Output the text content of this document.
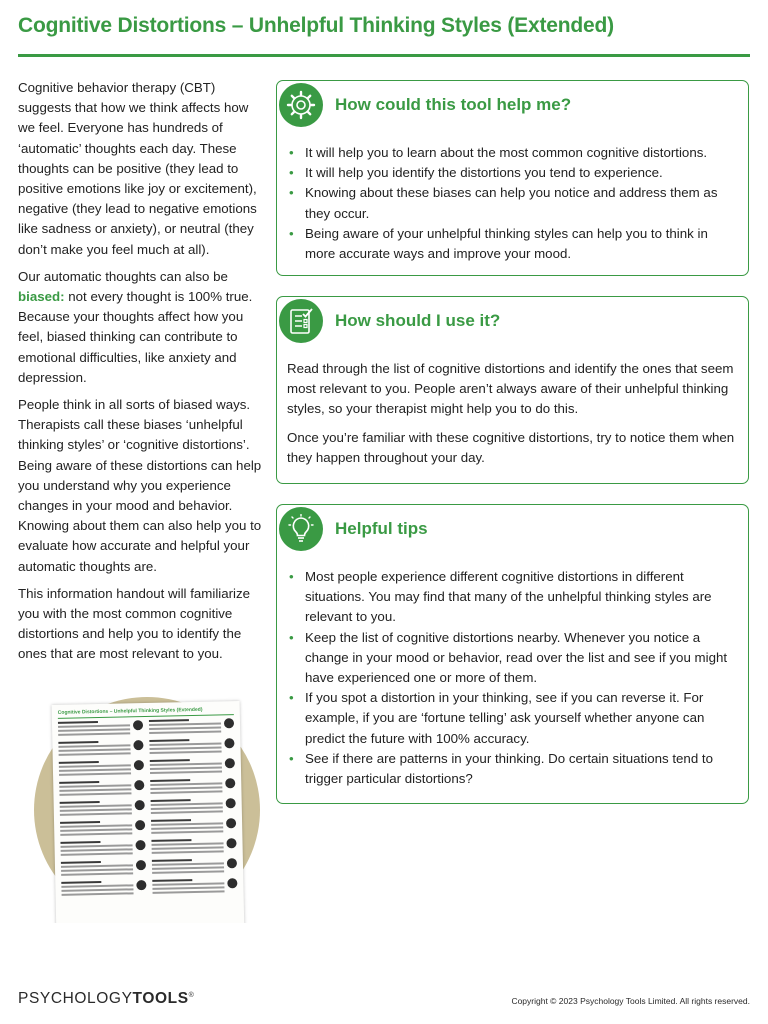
Cognitive Distortions – Unhelpful Thinking Styles (Extended)

Cognitive behavior therapy (CBT) suggests that how we think affects how we feel. Everyone has hundreds of ‘automatic’ thoughts each day. These thoughts can be positive (they lead to positive emotions like joy or excitement), negative (they lead to negative emotions like sadness or anxiety), or neutral (they don’t make you feel much at all).

Our automatic thoughts can also be biased: not every thought is 100% true. Because your thoughts affect how you feel, biased thinking can contribute to emotional difficulties, like anxiety and depression.

People think in all sorts of biased ways. Therapists call these biases ‘unhelpful thinking styles’ or ‘cognitive distortions’. Being aware of these distortions can help you understand why you experience changes in your mood and behavior. Knowing about them can also help you to evaluate how accurate and helpful your automatic thoughts are.

This information handout will familiarize you with the most common cognitive distortions and help you to identify the ones that are most relevant to you.

Cognitive Distortions – Unhelpful Thinking Styles (Extended)
How could this tool help me?
• It will help you to learn about the most common cognitive distortions.
• It will help you identify the distortions you tend to experience.
• Knowing about these biases can help you notice and address them as they occur.
• Being aware of your unhelpful thinking styles can help you to think in more accurate ways and improve your mood.
How should I use it?

Read through the list of cognitive distortions and identify the ones that seem most relevant to you. People aren’t always aware of their unhelpful thinking styles, so your therapist might help you to do this.

Once you’re familiar with these cognitive distortions, try to notice them when they happen throughout your day.

Helpful tips
• Most people experience different cognitive distortions in different situations. You may find that many of the unhelpful thinking styles are relevant to you.
• Keep the list of cognitive distortions nearby. Whenever you notice a change in your mood or behavior, read over the list and see if you might have experienced one or more of them.
• If you spot a distortion in your thinking, see if you can reverse it. For example, if you are ‘fortune telling’ ask yourself whether anyone can predict the future with 100% accuracy.
• See if there are patterns in your thinking. Do certain situations tend to trigger particular distortions?
PSYCHOLOGYTOOLS®
Copyright © 2023 Psychology Tools Limited. All rights reserved.
